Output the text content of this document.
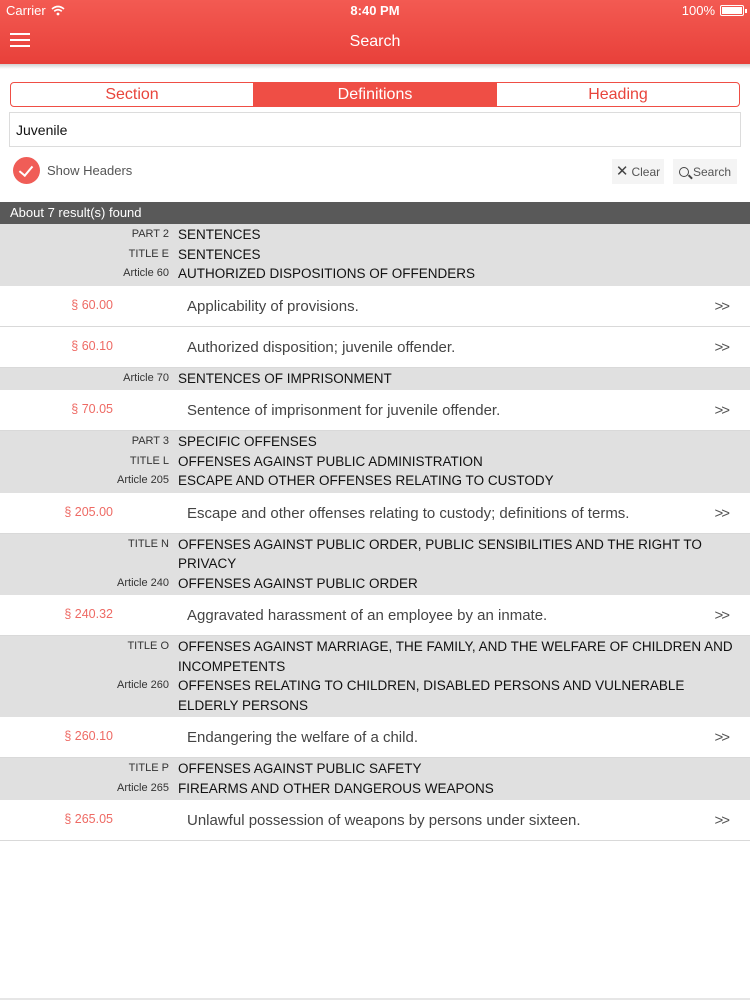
Carrier	8:40 PM	100%
Search
Section	Definitions	Heading
Juvenile
Show Headers	✕ Clear	Search
About 7 result(s) found
PART 2 SENTENCES
TITLE E SENTENCES
Article 60 AUTHORIZED DISPOSITIONS OF OFFENDERS
§ 60.00	Applicability of provisions.	>>
§ 60.10	Authorized disposition; juvenile offender.	>>
Article 70 SENTENCES OF IMPRISONMENT
§ 70.05	Sentence of imprisonment for juvenile offender.	>>
PART 3 SPECIFIC OFFENSES
TITLE L OFFENSES AGAINST PUBLIC ADMINISTRATION
Article 205 ESCAPE AND OTHER OFFENSES RELATING TO CUSTODY
§ 205.00	Escape and other offenses relating to custody; definitions of terms.	>>
TITLE N OFFENSES AGAINST PUBLIC ORDER, PUBLIC SENSIBILITIES AND THE RIGHT TO PRIVACY
Article 240 OFFENSES AGAINST PUBLIC ORDER
§ 240.32	Aggravated harassment of an employee by an inmate.	>>
TITLE O OFFENSES AGAINST MARRIAGE, THE FAMILY, AND THE WELFARE OF CHILDREN AND INCOMPETENTS
Article 260 OFFENSES RELATING TO CHILDREN, DISABLED PERSONS AND VULNERABLE ELDERLY PERSONS
§ 260.10	Endangering the welfare of a child.	>>
TITLE P OFFENSES AGAINST PUBLIC SAFETY
Article 265 FIREARMS AND OTHER DANGEROUS WEAPONS
§ 265.05	Unlawful possession of weapons by persons under sixteen.	>>
